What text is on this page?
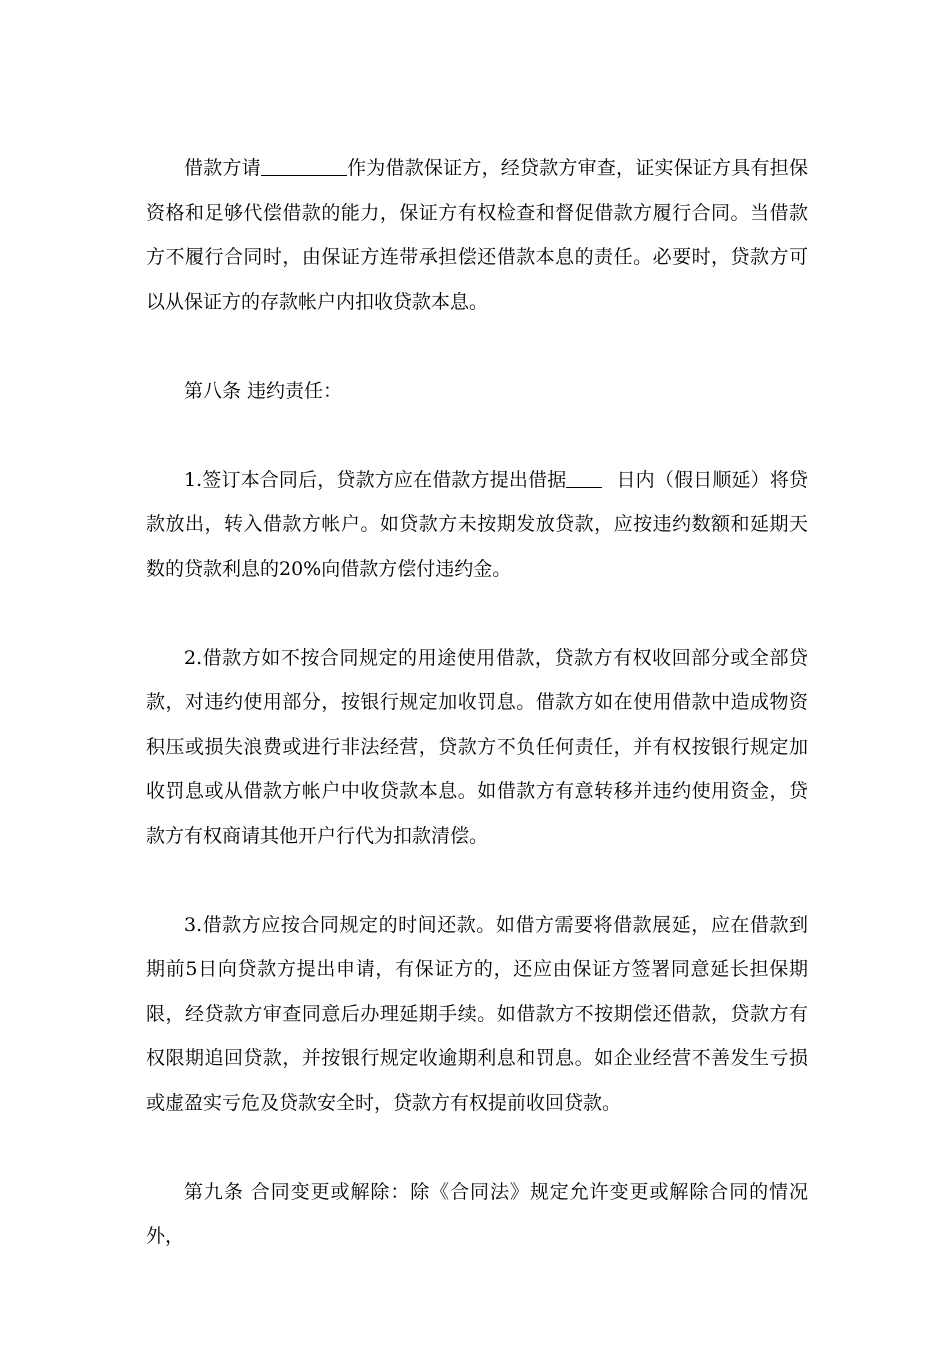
借款方请	作为借款保证方，经贷款方审查，证实保证方具有担保资格和足够代偿借款的能力，保证方有权检查和督促借款方履行合同。当借款方不履行合同时，由保证方连带承担偿还借款本息的责任。必要时，贷款方可以从保证方的存款帐户内扣收贷款本息。

第八条 违约责任：

1.签订本合同后，贷款方应在借款方提出借据	日内（假日顺延）将贷款放出，转入借款方帐户。如贷款方未按期发放贷款，应按违约数额和延期天数的贷款利息的20%向借款方偿付违约金。

2.借款方如不按合同规定的用途使用借款，贷款方有权收回部分或全部贷款，对违约使用部分，按银行规定加收罚息。借款方如在使用借款中造成物资积压或损失浪费或进行非法经营，贷款方不负任何责任，并有权按银行规定加收罚息或从借款方帐户中收贷款本息。如借款方有意转移并违约使用资金，贷款方有权商请其他开户行代为扣款清偿。

3.借款方应按合同规定的时间还款。如借方需要将借款展延，应在借款到期前5日向贷款方提出申请，有保证方的，还应由保证方签署同意延长担保期限，经贷款方审查同意后办理延期手续。如借款方不按期偿还借款，贷款方有权限期追回贷款，并按银行规定收逾期利息和罚息。如企业经营不善发生亏损或虚盈实亏危及贷款安全时，贷款方有权提前收回贷款。

第九条 合同变更或解除：除《合同法》规定允许变更或解除合同的情况外，
